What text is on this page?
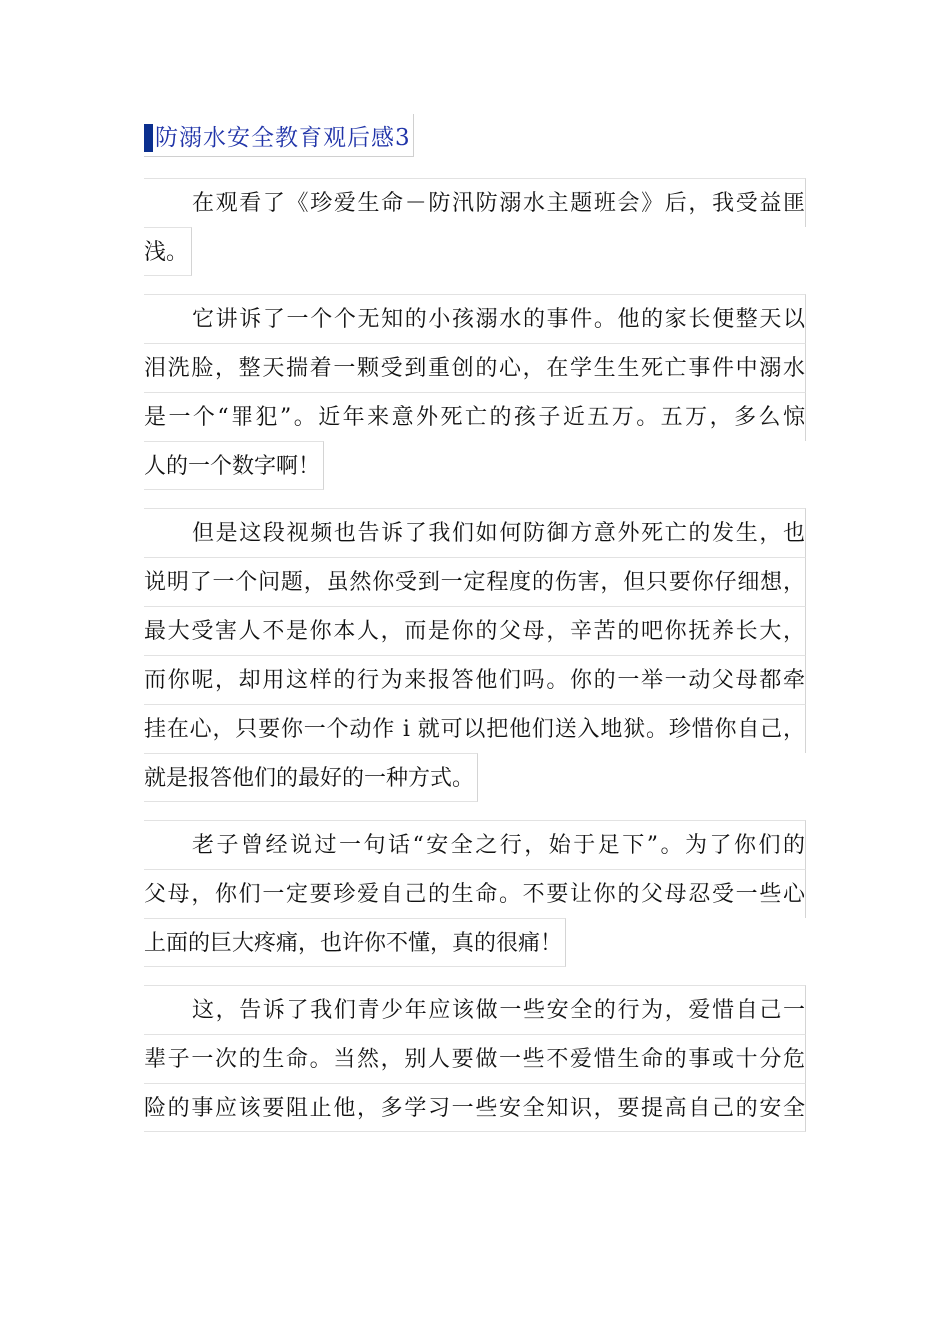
防溺水安全教育观后感3
在观看了《珍爱生命－防汛防溺水主题班会》后，我受益匪
浅。
它讲诉了一个个无知的小孩溺水的事件。他的家长便整天以
泪洗脸，整天揣着一颗受到重创的心，在学生生死亡事件中溺水
是一个“罪犯”。近年来意外死亡的孩子近五万。五万，多么惊
人的一个数字啊！
但是这段视频也告诉了我们如何防御方意外死亡的发生，也
说明了一个问题，虽然你受到一定程度的伤害，但只要你仔细想，
最大受害人不是你本人，而是你的父母，辛苦的吧你抚养长大，
而你呢，却用这样的行为来报答他们吗。你的一举一动父母都牵
挂在心，只要你一个动作 i 就可以把他们送入地狱。珍惜你自己，
就是报答他们的最好的一种方式。
老子曾经说过一句话“安全之行，始于足下”。为了你们的
父母，你们一定要珍爱自己的生命。不要让你的父母忍受一些心
上面的巨大疼痛，也许你不懂，真的很痛！
这，告诉了我们青少年应该做一些安全的行为，爱惜自己一
辈子一次的生命。当然，别人要做一些不爱惜生命的事或十分危
险的事应该要阻止他，多学习一些安全知识，要提高自己的安全
